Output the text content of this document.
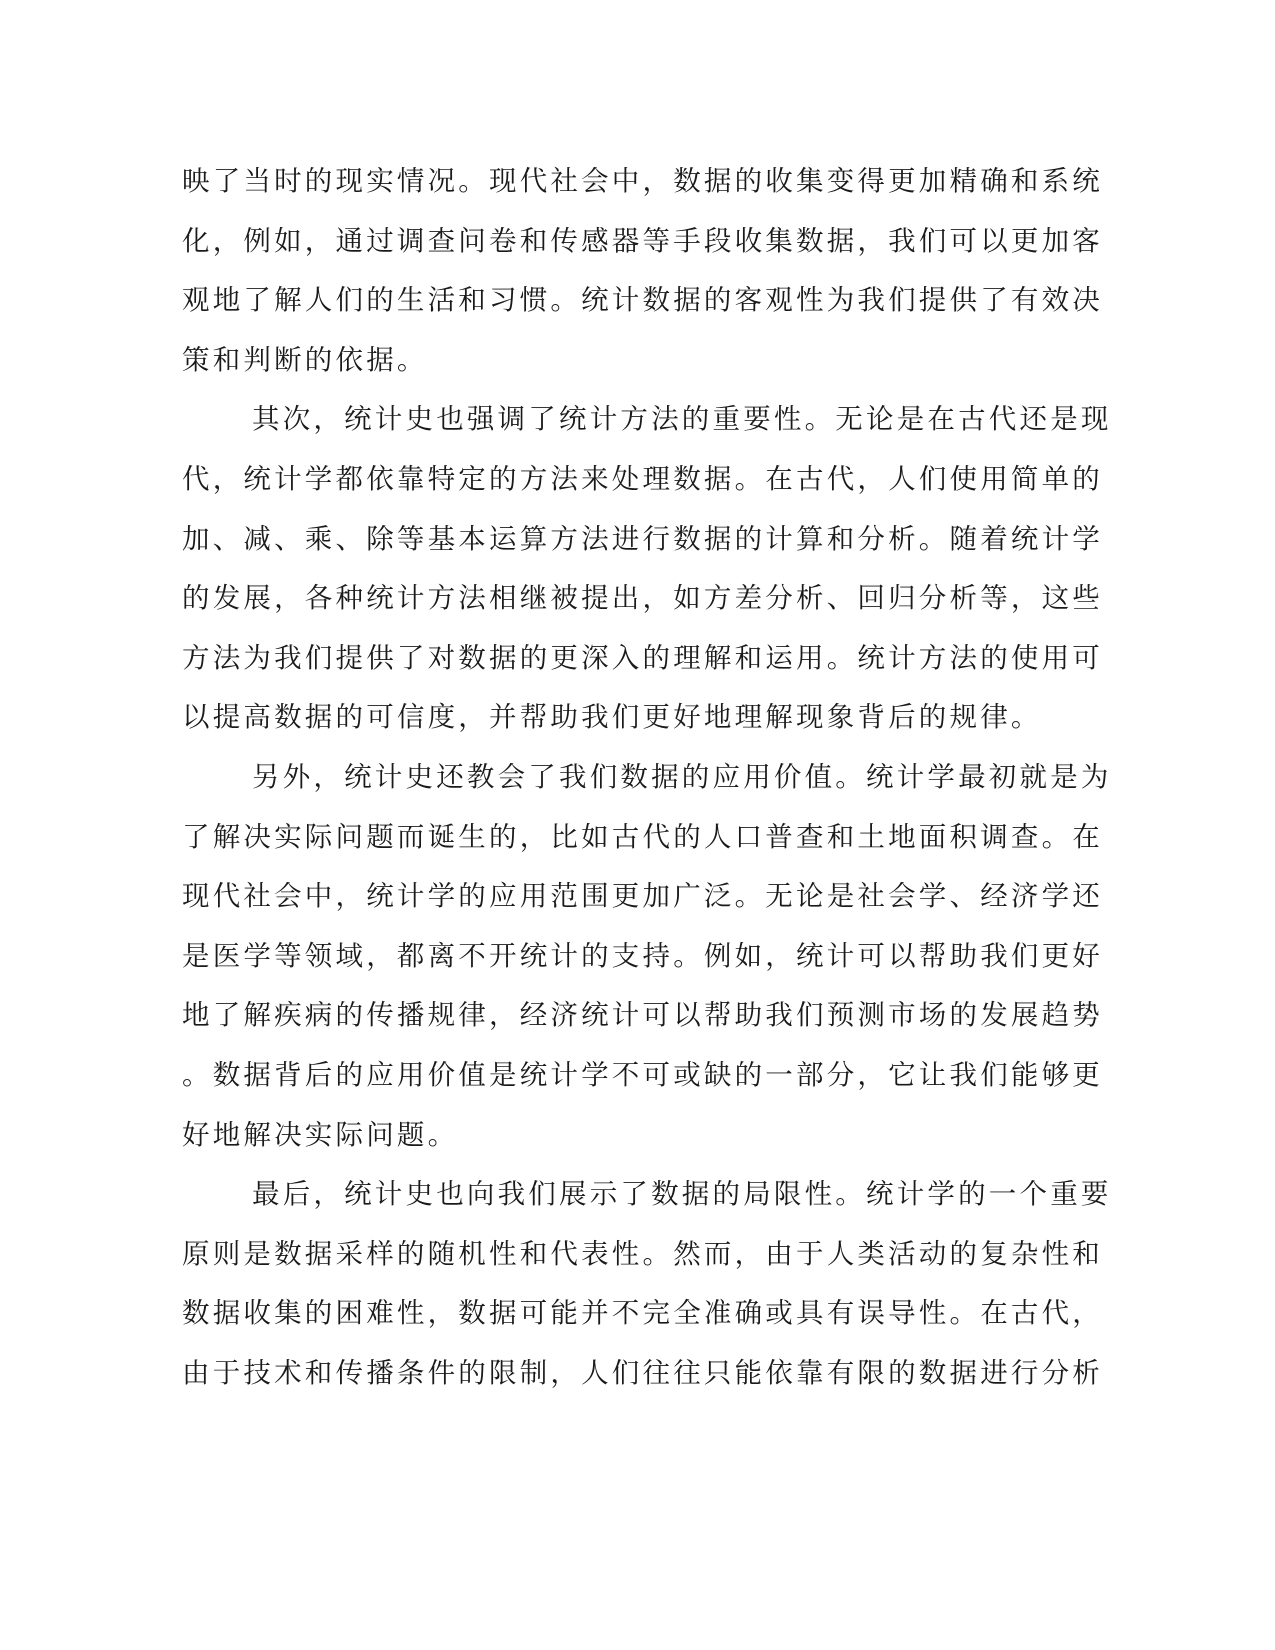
映了当时的现实情况。现代社会中，数据的收集变得更加精确和系统
化，例如，通过调查问卷和传感器等手段收集数据，我们可以更加客
观地了解人们的生活和习惯。统计数据的客观性为我们提供了有效决
策和判断的依据。
其次，统计史也强调了统计方法的重要性。无论是在古代还是现
代，统计学都依靠特定的方法来处理数据。在古代，人们使用简单的
加、减、乘、除等基本运算方法进行数据的计算和分析。随着统计学
的发展，各种统计方法相继被提出，如方差分析、回归分析等，这些
方法为我们提供了对数据的更深入的理解和运用。统计方法的使用可
以提高数据的可信度，并帮助我们更好地理解现象背后的规律。
另外，统计史还教会了我们数据的应用价值。统计学最初就是为
了解决实际问题而诞生的，比如古代的人口普查和土地面积调查。在
现代社会中，统计学的应用范围更加广泛。无论是社会学、经济学还
是医学等领域，都离不开统计的支持。例如，统计可以帮助我们更好
地了解疾病的传播规律，经济统计可以帮助我们预测市场的发展趋势
。数据背后的应用价值是统计学不可或缺的一部分，它让我们能够更
好地解决实际问题。
最后，统计史也向我们展示了数据的局限性。统计学的一个重要
原则是数据采样的随机性和代表性。然而，由于人类活动的复杂性和
数据收集的困难性，数据可能并不完全准确或具有误导性。在古代，
由于技术和传播条件的限制，人们往往只能依靠有限的数据进行分析
